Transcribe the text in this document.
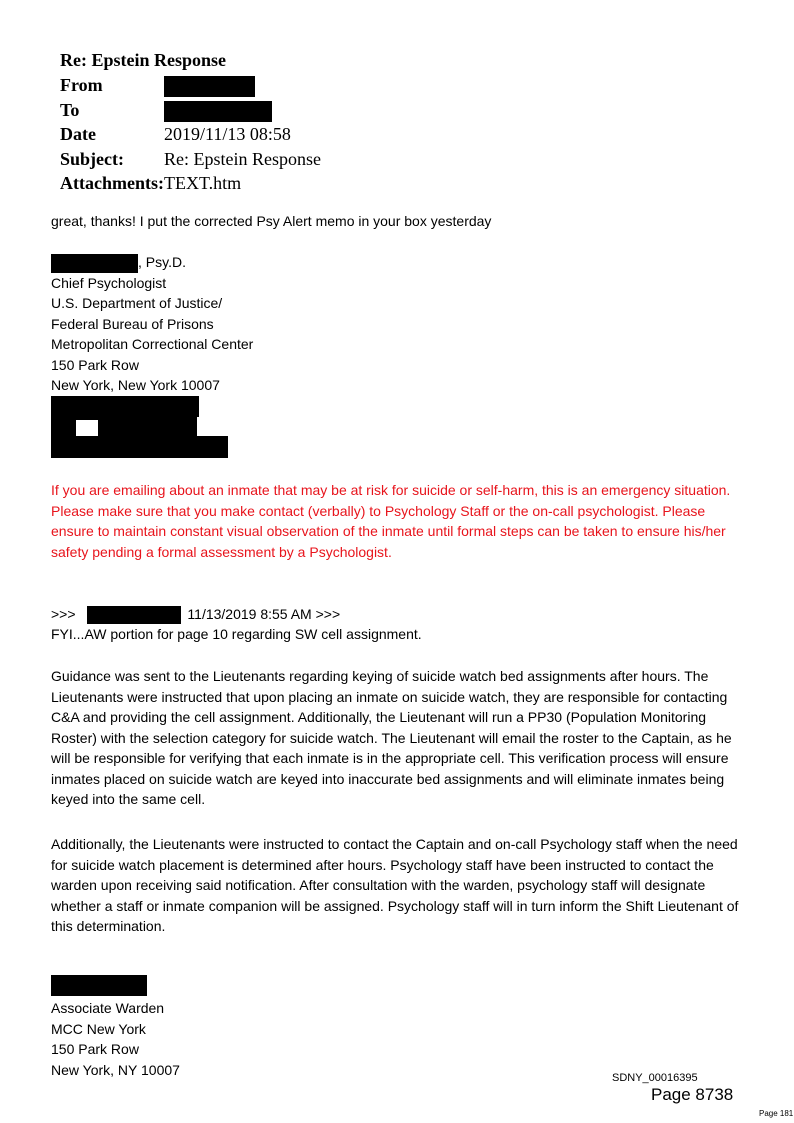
Re: Epstein Response
From	
To	
Date	2019/11/13 08:58
Subject:	Re: Epstein Response
Attachments:	TEXT.htm
great, thanks! I put the corrected Psy Alert memo in your box yesterday
, Psy.D.
Chief Psychologist
U.S. Department of Justice/
Federal Bureau of Prisons
Metropolitan Correctional Center
150 Park Row
New York, New York 10007
If you are emailing about an inmate that may be at risk for suicide or self-harm, this is an emergency situation. Please make sure that you make contact (verbally) to Psychology Staff or the on-call psychologist. Please ensure to maintain constant visual observation of the inmate until formal steps can be taken to ensure his/her safety pending a formal assessment by a Psychologist.
>>>	11/13/2019 8:55 AM >>>
FYI...AW portion for page 10 regarding SW cell assignment.
Guidance was sent to the Lieutenants regarding keying of suicide watch bed assignments after hours. The Lieutenants were instructed that upon placing an inmate on suicide watch, they are responsible for contacting C&A and providing the cell assignment. Additionally, the Lieutenant will run a PP30 (Population Monitoring Roster) with the selection category for suicide watch. The Lieutenant will email the roster to the Captain, as he will be responsible for verifying that each inmate is in the appropriate cell. This verification process will ensure inmates placed on suicide watch are keyed into inaccurate bed assignments and will eliminate inmates being keyed into the same cell.
Additionally, the Lieutenants were instructed to contact the Captain and on-call Psychology staff when the need for suicide watch placement is determined after hours. Psychology staff have been instructed to contact the warden upon receiving said notification. After consultation with the warden, psychology staff will designate whether a staff or inmate companion will be assigned. Psychology staff will in turn inform the Shift Lieutenant of this determination.
Associate Warden
MCC New York
150 Park Row
New York, NY 10007
SDNY_00016395
Page 8738
Page 181
